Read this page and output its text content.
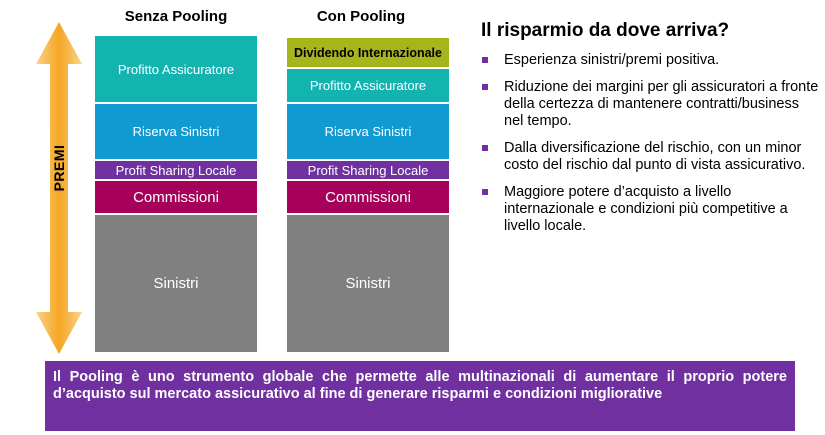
Senza Pooling	Con Pooling
PREMI
Profitto Assicuratore
Riserva Sinistri
Profit Sharing Locale
Commissioni
Sinistri
Dividendo Internazionale
Profitto Assicuratore
Riserva Sinistri
Profit Sharing Locale
Commissioni
Sinistri
Il risparmio da dove arriva?
Esperienza sinistri/premi positiva.
Riduzione dei margini per gli assicuratori a fronte della certezza di mantenere contratti/business nel tempo.
Dalla diversificazione del rischio, con un minor costo del rischio dal punto di vista assicurativo.
Maggiore potere d’acquisto a livello internazionale e condizioni più competitive a livello locale.
Il Pooling è uno strumento globale che permette alle multinazionali di aumentare il proprio potere d’acquisto sul mercato assicurativo al fine di generare risparmi e condizioni migliorative
